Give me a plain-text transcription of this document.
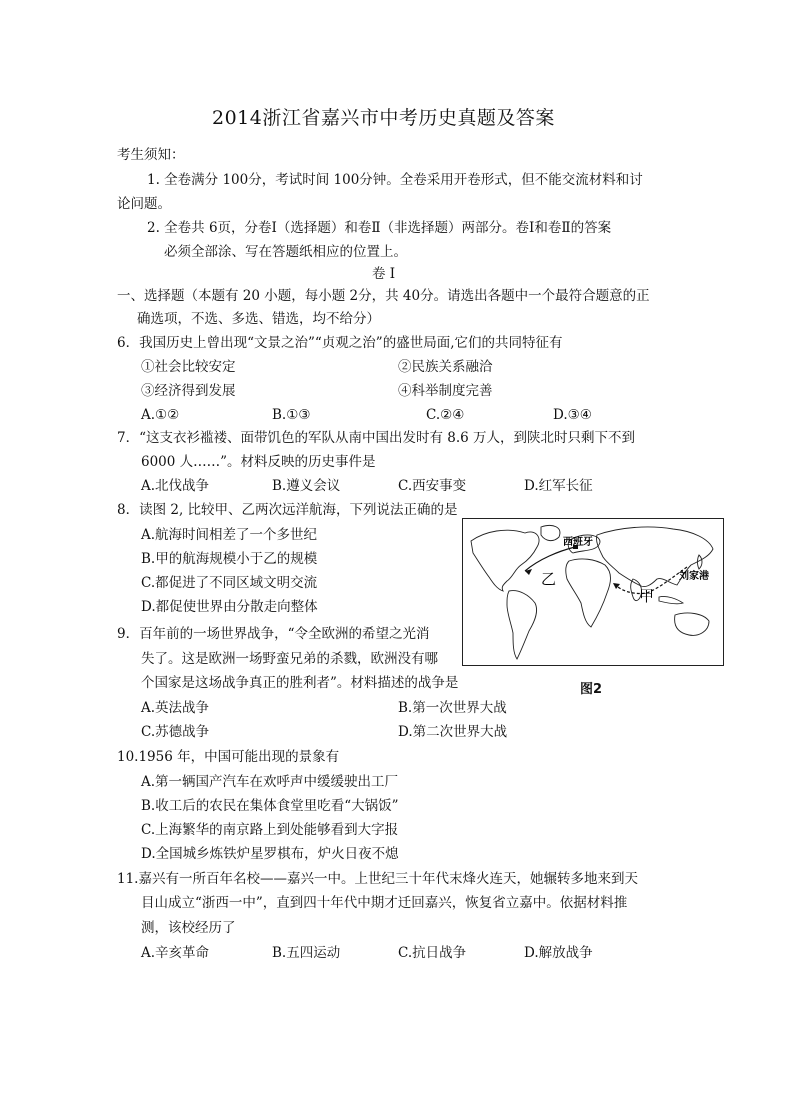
2014浙江省嘉兴市中考历史真题及答案
考生须知：
1. 全卷满分 100分，考试时间 100分钟。全卷采用开卷形式，但不能交流材料和讨
论问题。
2. 全卷共 6页，分卷Ⅰ（选择题）和卷Ⅱ（非选择题）两部分。卷Ⅰ和卷Ⅱ的答案
必须全部涂、写在答题纸相应的位置上。
卷 Ⅰ
一、选择题（本题有 20 小题，每小题 2分，共 40分。请选出各题中一个最符合题意的正
确选项，不选、多选、错选，均不给分）
6．我国历史上曾出现“文景之治”“贞观之治”的盛世局面,它们的共同特征有
①社会比较安定	②民族关系融洽
③经济得到发展	④科举制度完善
A.①②	B.①③	C.②④	D.③④
7．“这支衣衫褴褛、面带饥色的军队从南中国出发时有 8.6 万人，到陕北时只剩下不到
6000 人……”。材料反映的历史事件是
A.北伐战争	B.遵义会议	C.西安事变	D.红军长征
8．读图 2, 比较甲、乙两次远洋航海，下列说法正确的是
A.航海时间相差了一个多世纪
B.甲的航海规模小于乙的规模
C.都促进了不同区域文明交流
D.都促使世界由分散走向整体
西班牙
刘家港
乙
甲
图2
9．百年前的一场世界战争，“令全欧洲的希望之光消
失了。这是欧洲一场野蛮兄弟的杀戮，欧洲没有哪
个国家是这场战争真正的胜利者”。材料描述的战争是
A.英法战争	B.第一次世界大战
C.苏德战争	D.第二次世界大战
10.1956 年，中国可能出现的景象有
A.第一辆国产汽车在欢呼声中缓缓驶出工厂
B.收工后的农民在集体食堂里吃看“大锅饭”
C.上海繁华的南京路上到处能够看到大字报
D.全国城乡炼铁炉星罗棋布，炉火日夜不熄
11.嘉兴有一所百年名校——嘉兴一中。上世纪三十年代末烽火连天，她辗转多地来到天
目山成立“浙西一中”，直到四十年代中期才迁回嘉兴，恢复省立嘉中。依据材料推
测，该校经历了
A.辛亥革命	B.五四运动	C.抗日战争	D.解放战争
